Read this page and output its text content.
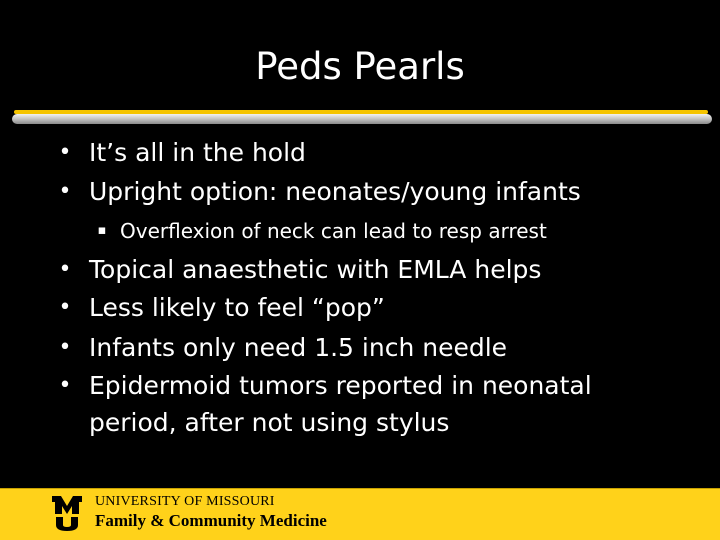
Peds Pearls
• It’s all in the hold
• Upright option: neonates/young infants
▪ Overflexion of neck can lead to resp arrest
• Topical anaesthetic with EMLA helps
• Less likely to feel “pop”
• Infants only need 1.5 inch needle
• Epidermoid tumors reported in neonatal
period, after not using stylus
UNIVERSITY OF MISSOURI
Family & Community Medicine
